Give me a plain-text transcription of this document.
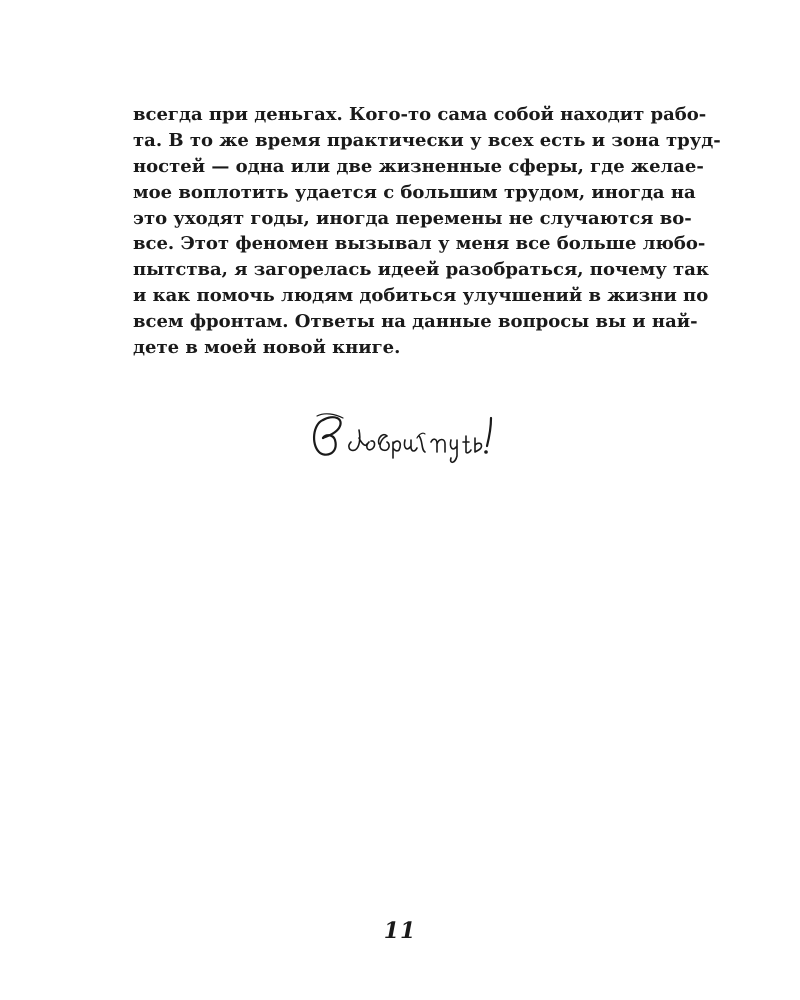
всегда при деньгах. Кого-то сама собой находит рабо-
та. В то же время практически у всех есть и зона труд-
ностей — одна или две жизненные сферы, где желае-
мое воплотить удается с большим трудом, иногда на
это уходят годы, иногда перемены не случаются во-
все. Этот феномен вызывал у меня все больше любо-
пытства, я загорелась идеей разобраться, почему так
и как помочь людям добиться улучшений в жизни по
всем фронтам. Ответы на данные вопросы вы и най-
дете в моей новой книге.
11
